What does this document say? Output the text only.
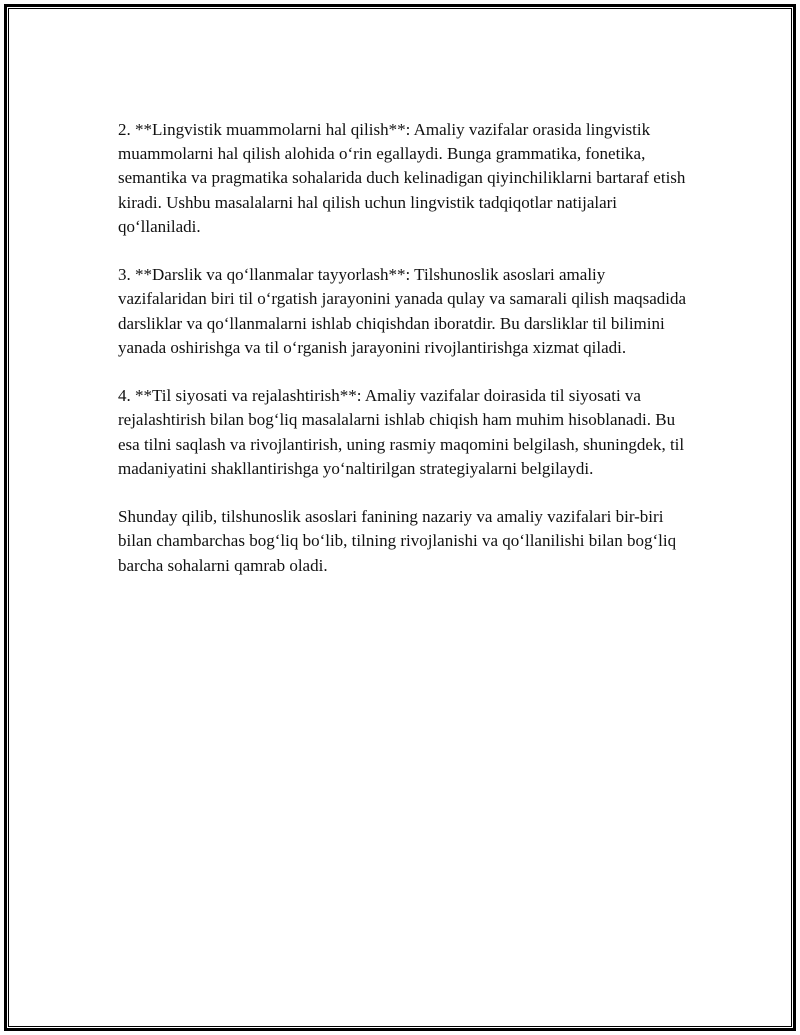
2. **Lingvistik muammolarni hal qilish**: Amaliy vazifalar orasida lingvistik muammolarni hal qilish alohida o‘rin egallaydi. Bunga grammatika, fonetika, semantika va pragmatika sohalarida duch kelinadigan qiyinchiliklarni bartaraf etish kiradi. Ushbu masalalarni hal qilish uchun lingvistik tadqiqotlar natijalari qo‘llaniladi.

3. **Darslik va qo‘llanmalar tayyorlash**: Tilshunoslik asoslari amaliy vazifalaridan biri til o‘rgatish jarayonini yanada qulay va samarali qilish maqsadida darsliklar va qo‘llanmalarni ishlab chiqishdan iboratdir. Bu darsliklar til bilimini yanada oshirishga va til o‘rganish jarayonini rivojlantirishga xizmat qiladi.

4. **Til siyosati va rejalashtirish**: Amaliy vazifalar doirasida til siyosati va rejalashtirish bilan bog‘liq masalalarni ishlab chiqish ham muhim hisoblanadi. Bu esa tilni saqlash va rivojlantirish, uning rasmiy maqomini belgilash, shuningdek, til madaniyatini shakllantirishga yo‘naltirilgan strategiyalarni belgilaydi.

Shunday qilib, tilshunoslik asoslari fanining nazariy va amaliy vazifalari bir-biri bilan chambarchas bog‘liq bo‘lib, tilning rivojlanishi va qo‘llanilishi bilan bog‘liq barcha sohalarni qamrab oladi.
